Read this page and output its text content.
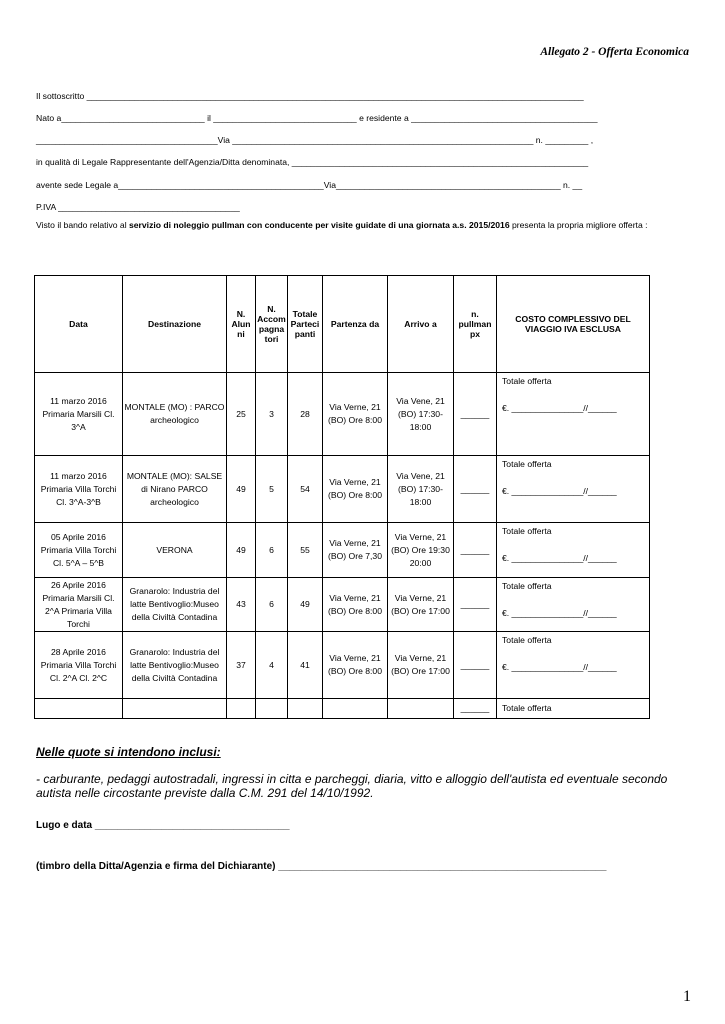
Allegato 2 - Offerta Economica
Il sottoscritto ________________________________________________________________________________________________________
Nato a______________________________ il ______________________________ e residente a _______________________________________
______________________________________Via _______________________________________________________________ n. _________ ,
in qualità di Legale Rappresentante dell'Agenzia/Ditta denominata, ______________________________________________________________
avente sede Legale a___________________________________________Via_______________________________________________ n. __
P.IVA ______________________________________
Visto il bando relativo al servizio di noleggio pullman con conducente per visite guidate di una giornata a.s. 2015/2016 presenta la propria migliore offerta :
Data	Destinazione	N. Alun ni	N. Accom pagna tori	Totale Parteci panti	Partenza da	Arrivo a	n. pullman px	COSTO COMPLESSIVO DEL VIAGGIO IVA ESCLUSA
11 marzo 2016 Primaria Marsili Cl. 3^A	MONTALE (MO) : PARCO archeologico	25	3	28	Via Verne, 21 (BO) Ore 8:00	Via Vene, 21 (BO) 17:30-18:00	______	Totale offerta
€. _______________//______

11 marzo 2016 Primaria Villa Torchi Cl. 3^A-3^B	MONTALE (MO): SALSE di Nirano PARCO archeologico	49	5	54	Via Verne, 21 (BO) Ore 8:00	Via Vene, 21 (BO) 17:30-18:00	______	Totale offerta
€. _______________//______

05 Aprile 2016 Primaria Villa Torchi Cl. 5^A – 5^B	VERONA	49	6	55	Via Verne, 21 (BO) Ore 7,30	Via Verne, 21 (BO) Ore 19:30 20:00	______	Totale offerta
€. _______________//______

26 Aprile 2016 Primaria Marsili Cl. 2^A Primaria Villa Torchi	Granarolo: Industria del latte Bentivoglio:Museo della Civiltà Contadina	43	6	49	Via Verne, 21 (BO) Ore 8:00	Via Verne, 21 (BO) Ore 17:00	______	Totale offerta
€. _______________//______

28 Aprile 2016 Primaria Villa Torchi Cl. 2^A Cl. 2^C	Granarolo: Industria del latte Bentivoglio:Museo della Civiltà Contadina	37	4	41	Via Verne, 21 (BO) Ore 8:00	Via Verne, 21 (BO) Ore 17:00	______	Totale offerta
€. _______________//______

							______	Totale offerta
Nelle quote si intendono inclusi:
- carburante, pedaggi autostradali, ingressi in citta e parcheggi, diaria, vitto e alloggio dell'autista ed eventuale secondo autista nelle circostante previste dalla C.M. 291 del 14/10/1992.
Lugo e data ___________________________________
(timbro della Ditta/Agenzia e firma del Dichiarante) ___________________________________________________________
1
